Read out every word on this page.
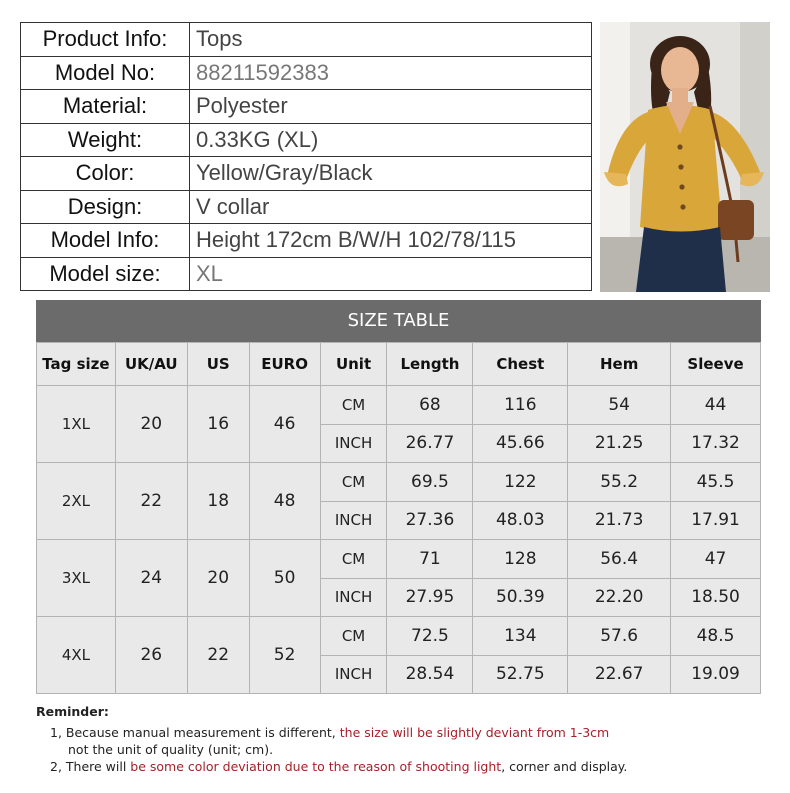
Product Info:	Tops
Model No:	88211592383
Material:	Polyester
Weight:	0.33KG (XL)
Color:	Yellow/Gray/Black
Design:	V collar
Model Info:	Height 172cm B/W/H 102/78/115
Model size:	XL
SIZE TABLE
Tag size	UK/AU	US	EURO	Unit	Length	Chest	Hem	Sleeve
1XL	20	16	46	CM	68	116	54	44
				INCH	26.77	45.66	21.25	17.32
2XL	22	18	48	CM	69.5	122	55.2	45.5
				INCH	27.36	48.03	21.73	17.91
3XL	24	20	50	CM	71	128	56.4	47
				INCH	27.95	50.39	22.20	18.50
4XL	26	22	52	CM	72.5	134	57.6	48.5
				INCH	28.54	52.75	22.67	19.09
Reminder:
1, Because manual measurement is different, the size will be slightly deviant from 1-3cm
not the unit of quality (unit; cm).
2, There will be some color deviation due to the reason of shooting light, corner and display.
